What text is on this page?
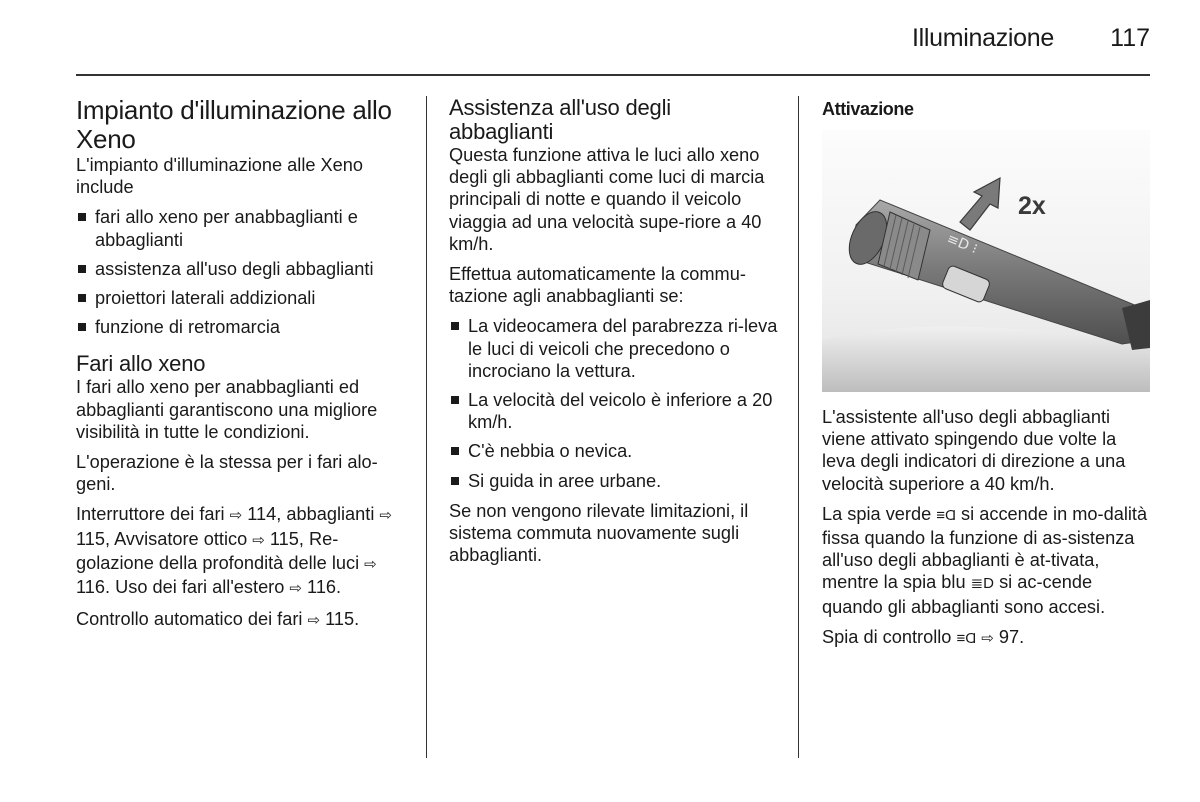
Illuminazione 117
Impianto d'illuminazione allo Xeno

L'impianto d'illuminazione alle Xeno include

fari allo xeno per anabbaglianti e abbaglianti
assistenza all'uso degli abbaglianti
proiettori laterali addizionali
funzione di retromarcia
Fari allo xeno

I fari allo xeno per anabbaglianti ed abbaglianti garantiscono una migliore visibilità in tutte le condizioni.

L'operazione è la stessa per i fari alo-geni.

Interruttore dei fari ⇨ 114, abbaglianti ⇨ 115, Avvisatore ottico ⇨ 115, Re-golazione della profondità delle luci ⇨ 116. Uso dei fari all'estero ⇨ 116.

Controllo automatico dei fari ⇨ 115.

Assistenza all'uso degli abbaglianti

Questa funzione attiva le luci allo xeno degli gli abbaglianti come luci di marcia principali di notte e quando il veicolo viaggia ad una velocità supe-riore a 40 km/h.

Effettua automaticamente la commu-tazione agli anabbaglianti se:

La videocamera del parabrezza ri-leva le luci di veicoli che precedono o incrociano la vettura.
La velocità del veicolo è inferiore a 20 km/h.
C'è nebbia o nevica.
Si guida in aree urbane.

Se non vengono rilevate limitazioni, il sistema commuta nuovamente sugli abbaglianti.

Attivazione
≡D ⁝
2x

L'assistente all'uso degli abbaglianti viene attivato spingendo due volte la leva degli indicatori di direzione a una velocità superiore a 40 km/h.

La spia verde ≡Ɑ si accende in mo-dalità fissa quando la funzione di as-sistenza all'uso degli abbaglianti è at-tivata, mentre la spia blu ≣D si ac-cende quando gli abbaglianti sono accesi.

Spia di controllo ≡Ɑ ⇨ 97.
